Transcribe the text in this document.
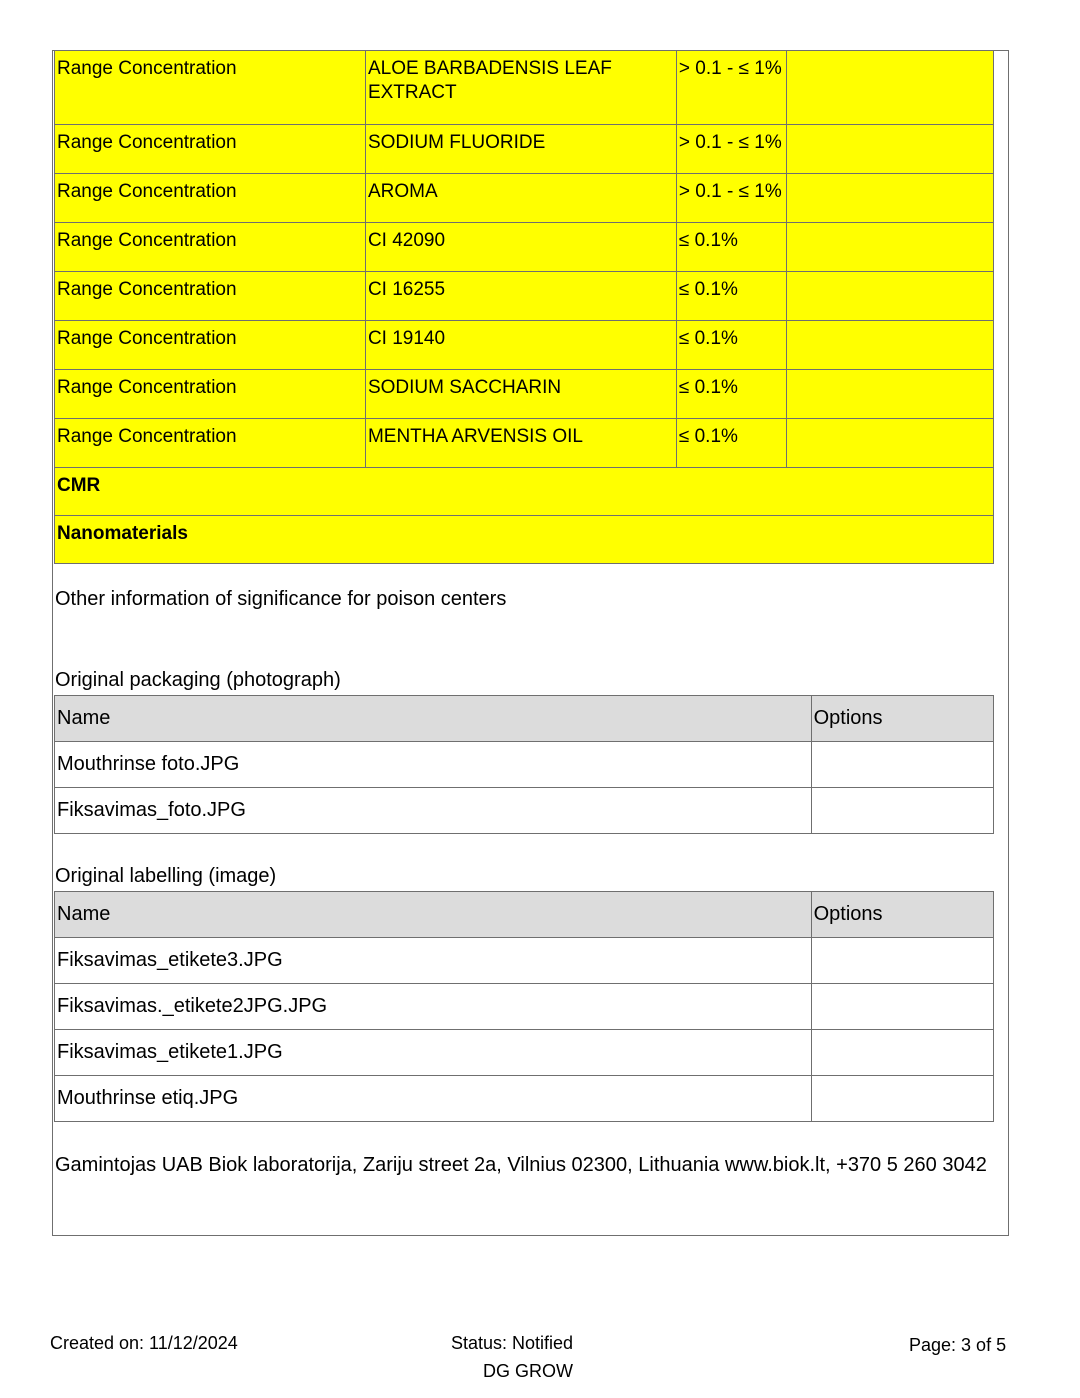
Range Concentration	ALOE BARBADENSIS LEAF EXTRACT	> 0.1 - ≤ 1%	
Range Concentration	SODIUM FLUORIDE	> 0.1 - ≤ 1%	
Range Concentration	AROMA	> 0.1 - ≤ 1%	
Range Concentration	CI 42090	≤ 0.1%	
Range Concentration	CI 16255	≤ 0.1%	
Range Concentration	CI 19140	≤ 0.1%	
Range Concentration	SODIUM SACCHARIN	≤ 0.1%	
Range Concentration	MENTHA ARVENSIS OIL	≤ 0.1%	
CMR			
Nanomaterials			
Other information of significance for poison centers
Original packaging (photograph)
Name	Options
Mouthrinse foto.JPG	
Fiksavimas_foto.JPG	
Original labelling (image)
Name	Options
Fiksavimas_etikete3.JPG	
Fiksavimas._etikete2JPG.JPG	
Fiksavimas_etikete1.JPG	
Mouthrinse etiq.JPG	
Gamintojas UAB Biok laboratorija, Zariju street 2a, Vilnius 02300, Lithuania www.biok.lt, +370 5 260 3042
Created on: 11/12/2024	Status: Notified
DG GROW
Page: 3 of 5
